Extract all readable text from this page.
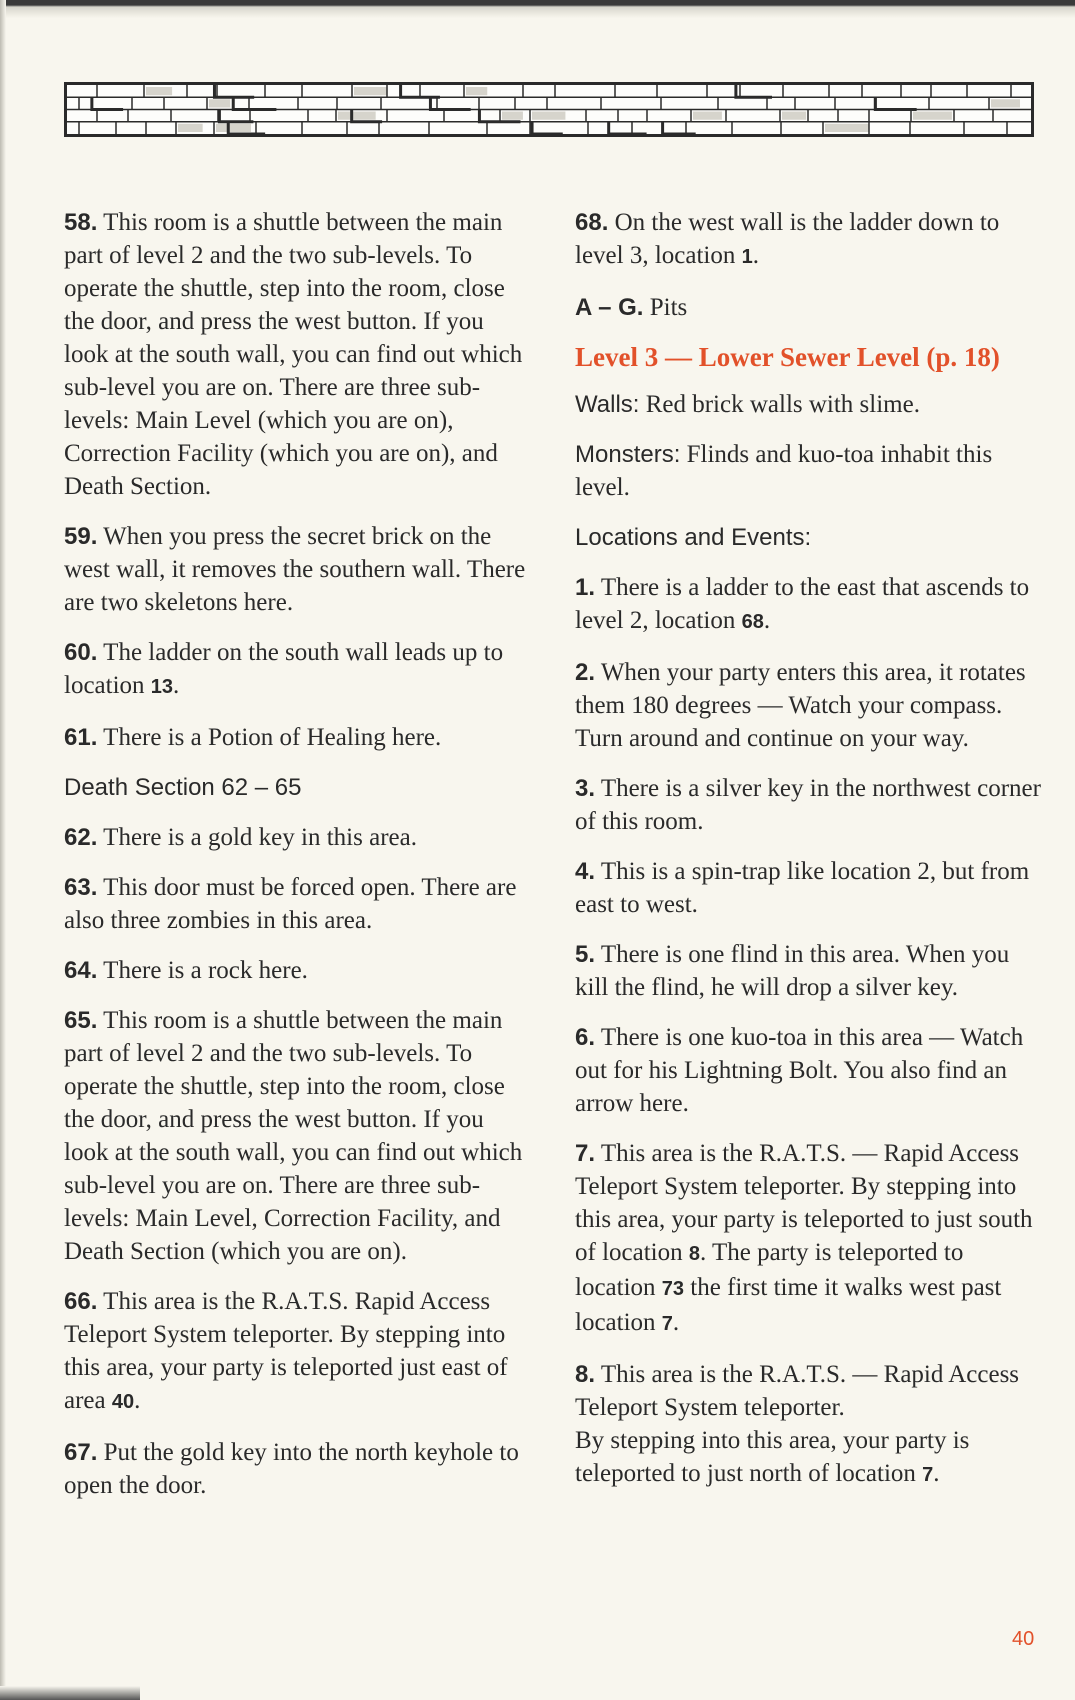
58. This room is a shuttle between the main part of level 2 and the two sub-levels. To operate the shuttle, step into the room, close the door, and press the west button. If you look at the south wall, you can find out which sub-level you are on. There are three sub-levels: Main Level (which you are on), Correction Facility (which you are on), and Death Section.

59. When you press the secret brick on the west wall, it removes the southern wall. There are two skeletons here.

60. The ladder on the south wall leads up to location 13.

61. There is a Potion of Healing here.

Death Section 62 – 65

62. There is a gold key in this area.

63. This door must be forced open. There are also three zombies in this area.

64. There is a rock here.

65. This room is a shuttle between the main part of level 2 and the two sub-levels. To operate the shuttle, step into the room, close the door, and press the west button. If you look at the south wall, you can find out which sub-level you are on. There are three sub-levels: Main Level, Correction Facility, and Death Section (which you are on).

66. This area is the R.A.T.S. Rapid Access Teleport System teleporter. By stepping into this area, your party is teleported just east of area 40.

67. Put the gold key into the north keyhole to open the door.

68. On the west wall is the ladder down to level 3, location 1.

A – G. Pits

Level 3 — Lower Sewer Level (p. 18)

Walls: Red brick walls with slime.

Monsters: Flinds and kuo-toa inhabit this level.

Locations and Events:

1. There is a ladder to the east that ascends to level 2, location 68.

2. When your party enters this area, it rotates them 180 degrees — Watch your compass. Turn around and continue on your way.

3. There is a silver key in the northwest corner of this room.

4. This is a spin-trap like location 2, but from east to west.

5. There is one flind in this area. When you kill the flind, he will drop a silver key.

6. There is one kuo-toa in this area — Watch out for his Lightning Bolt. You also find an arrow here.

7. This area is the R.A.T.S. — Rapid Access Teleport System teleporter. By stepping into this area, your party is teleported to just south of location 8. The party is teleported to location 73 the first time it walks west past location 7.

8. This area is the R.A.T.S. — Rapid Access Teleport System teleporter.
By stepping into this area, your party is teleported to just north of location 7.

40
